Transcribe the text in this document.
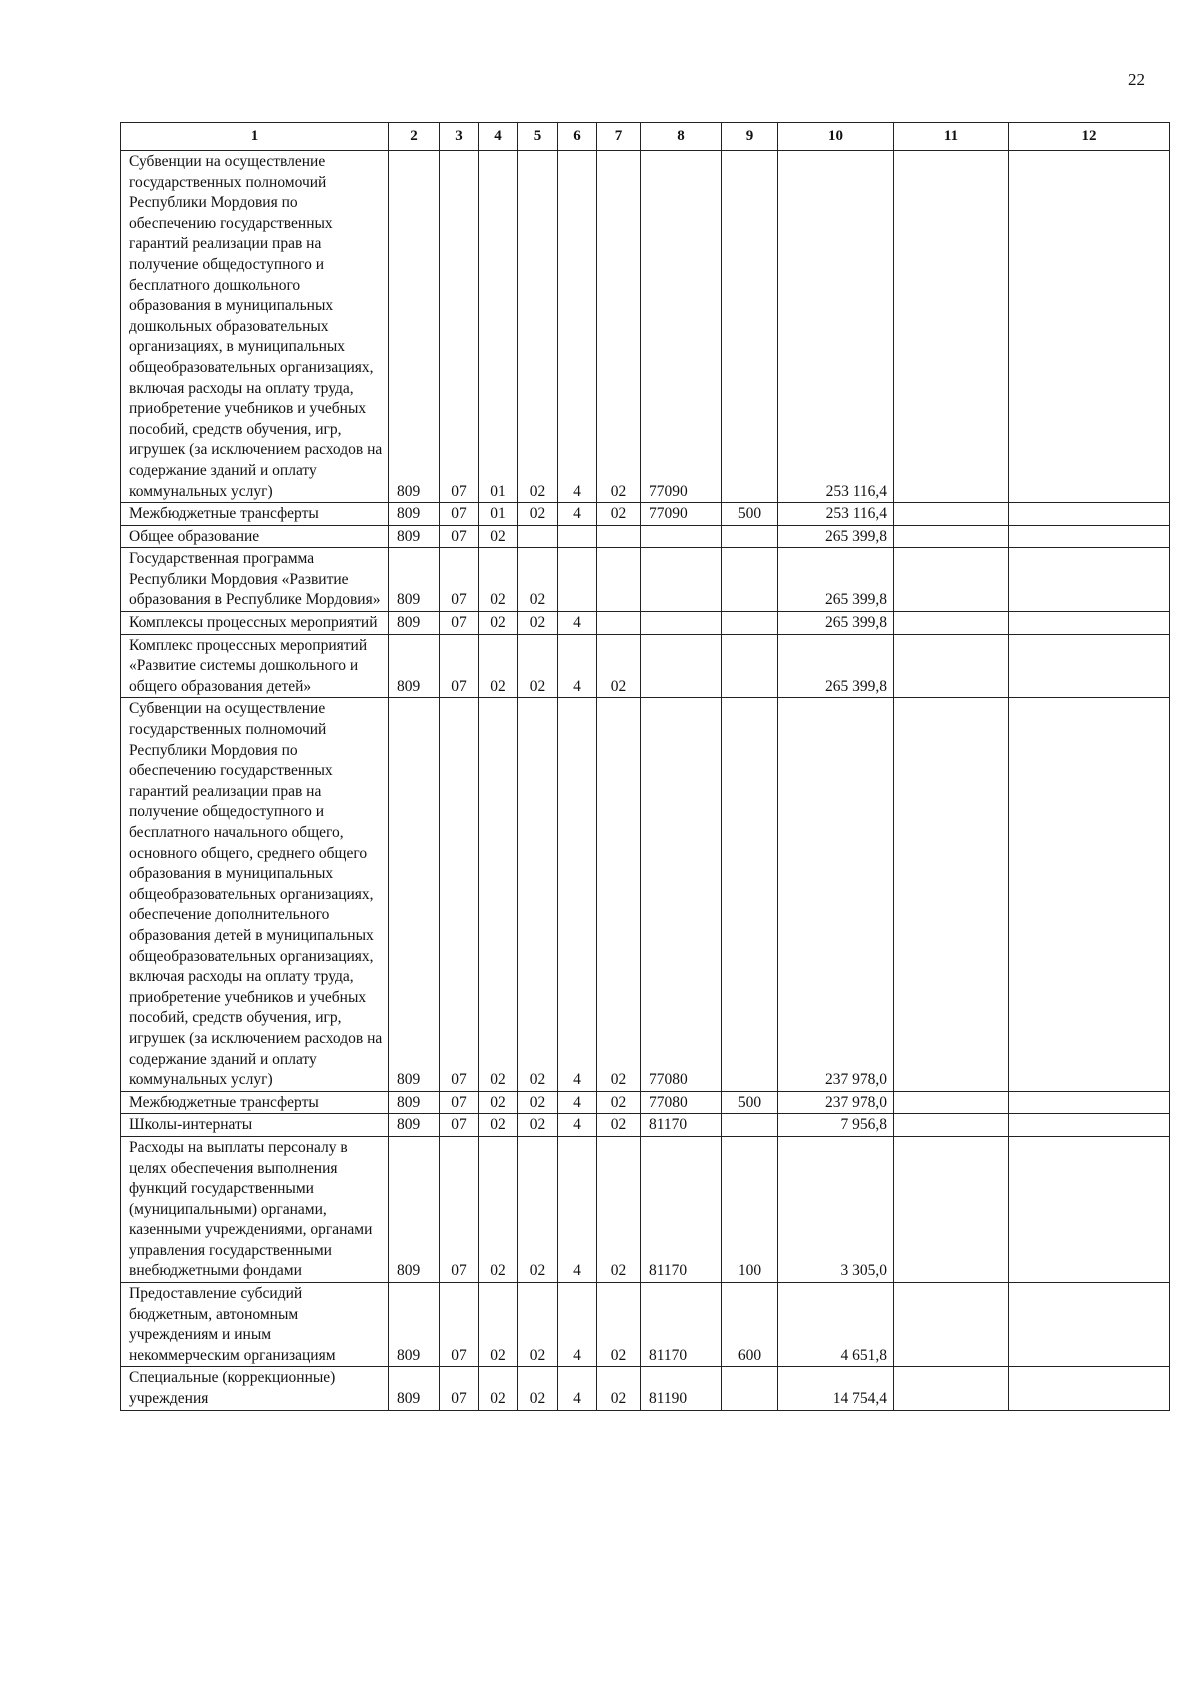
22
1	2	3	4	5	6	7	8	9	10	11	12
Субвенции на осуществление государственных полномочий Республики Мордовия по обеспечению государственных гарантий реализации прав на получение общедоступного и бесплатного дошкольного образования в муниципальных дошкольных образовательных организациях, в муниципальных общеобразовательных организациях, включая расходы на оплату труда, приобретение учебников и учебных пособий, средств обучения, игр, игрушек (за исключением расходов на содержание зданий и оплату коммунальных услуг)	809	07	01	02	4	02	77090		253 116,4		
Межбюджетные трансферты	809	07	01	02	4	02	77090	500	253 116,4		
Общее образование	809	07	02						265 399,8		
Государственная программа Республики Мордовия «Развитие образования в Республике Мордовия»	809	07	02	02					265 399,8		
Комплексы процессных мероприятий	809	07	02	02	4				265 399,8		
Комплекс процессных мероприятий «Развитие системы дошкольного и общего образования детей»	809	07	02	02	4	02			265 399,8		
Субвенции на осуществление государственных полномочий Республики Мордовия по обеспечению государственных гарантий реализации прав на получение общедоступного и бесплатного начального общего, основного общего, среднего общего образования в муниципальных общеобразовательных организациях, обеспечение дополнительного образования детей в муниципальных общеобразовательных организациях, включая расходы на оплату труда, приобретение учебников и учебных пособий, средств обучения, игр, игрушек (за исключением расходов на содержание зданий и оплату коммунальных услуг)	809	07	02	02	4	02	77080		237 978,0		
Межбюджетные трансферты	809	07	02	02	4	02	77080	500	237 978,0		
Школы-интернаты	809	07	02	02	4	02	81170		7 956,8		
Расходы на выплаты персоналу в целях обеспечения выполнения функций государственными (муниципальными) органами, казенными учреждениями, органами управления государственными внебюджетными фондами	809	07	02	02	4	02	81170	100	3 305,0		
Предоставление субсидий бюджетным, автономным учреждениям и иным некоммерческим организациям	809	07	02	02	4	02	81170	600	4 651,8		
Специальные (коррекционные) учреждения	809	07	02	02	4	02	81190		14 754,4		
